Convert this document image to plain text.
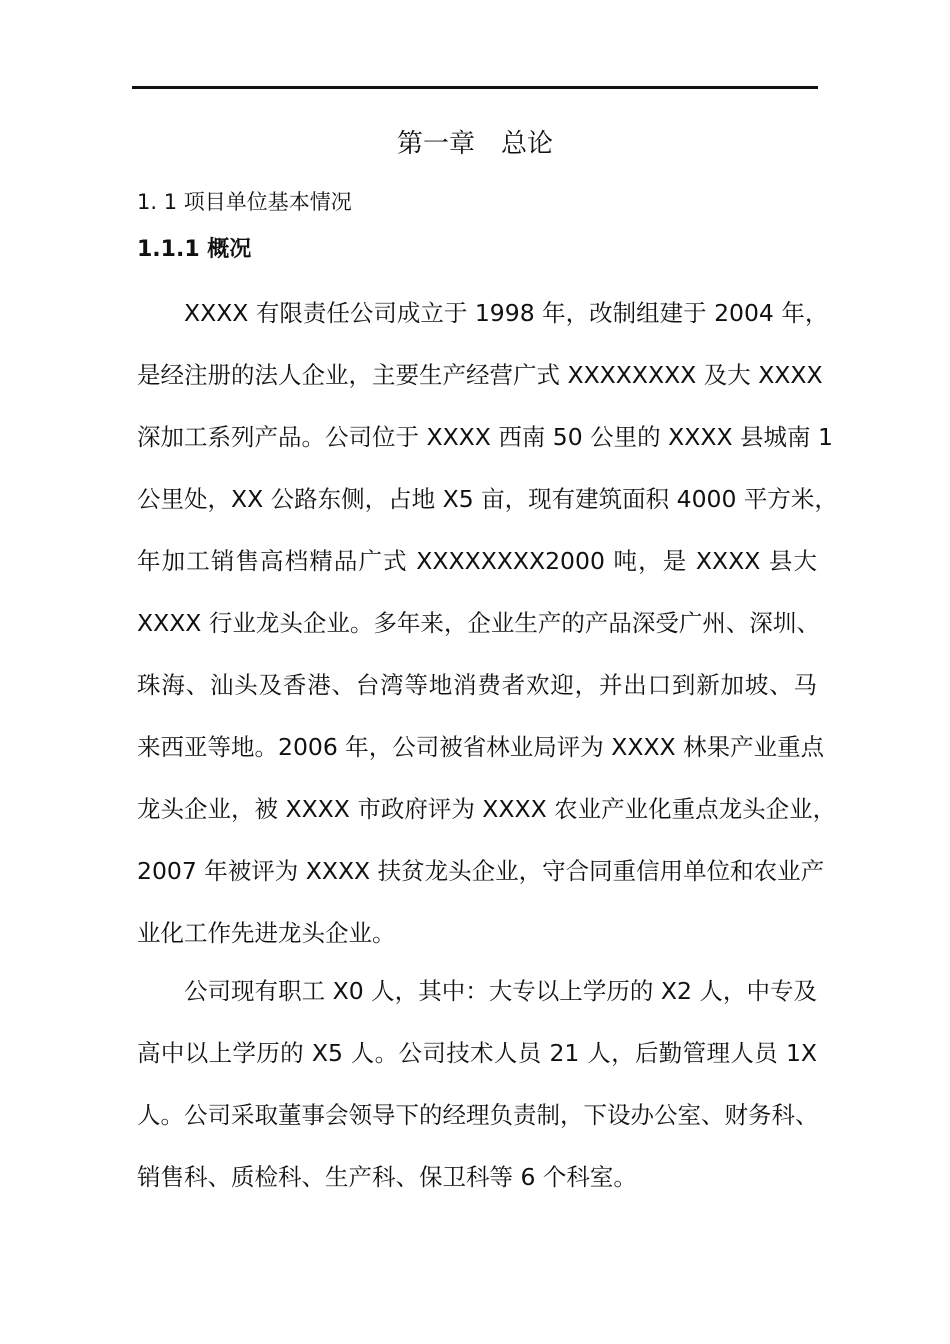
第一章　总论
1. 1 项目单位基本情况
1.1.1 概况
XXXX 有限责任公司成立于 1998 年，改制组建于 2004 年，
是经注册的法人企业，主要生产经营广式 XXXXXXXX 及大 XXXX
深加工系列产品。公司位于 XXXX 西南 50 公里的 XXXX 县城南 1
公里处，XX 公路东侧，占地 X5 亩，现有建筑面积 4000 平方米，
年加工销售高档精品广式 XXXXXXXX2000 吨，是 XXXX 县大
XXXX 行业龙头企业。多年来，企业生产的产品深受广州、深圳、
珠海、汕头及香港、台湾等地消费者欢迎，并出口到新加坡、马
来西亚等地。2006 年，公司被省林业局评为 XXXX 林果产业重点
龙头企业，被 XXXX 市政府评为 XXXX 农业产业化重点龙头企业，
2007 年被评为 XXXX 扶贫龙头企业，守合同重信用单位和农业产
业化工作先进龙头企业。
公司现有职工 X0 人，其中：大专以上学历的 X2 人，中专及
高中以上学历的 X5 人。公司技术人员 21 人，后勤管理人员 1X
人。公司采取董事会领导下的经理负责制，下设办公室、财务科、
销售科、质检科、生产科、保卫科等 6 个科室。
